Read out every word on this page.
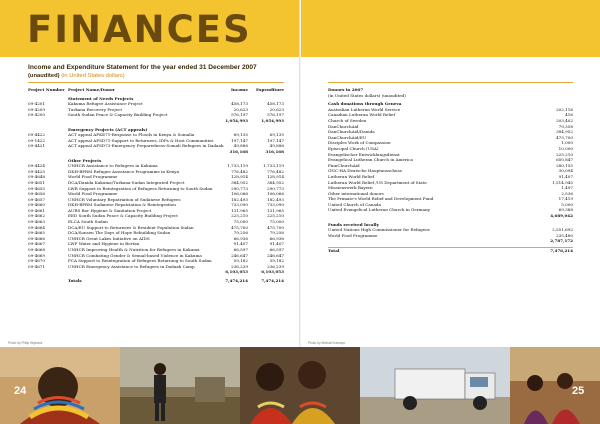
FINANCES
Income and Expenditure Statement for the year ended 31 December 2007
(unaudited) (in United States dollars)
Project Number Project Name/Donor	Income Expenditure
Statement of Needs Projects
09-4201	Kakuma Refugee Assistance Project	458,173	458,173
09-4209	Turkana Recovery Project	20,623	20,623
09-4200	South Sudan Peace & Capacity Building Project	576,197	576,197
1,054,993	1,054,993
Emergency Projects (ACT appeals)
09-4422	ACT appeal AFKE71-Response to Floods in Kenya & Somalia	69,135	69,135
09-1422	ACT appeal AFSD71-Support to Returnees, IDPs & Host Communities	197,147	197,147
09-4421	ACT appeal AFSD73-Emergency Preparedness-Somali Refugees in Dadaab 49,886	49,886
316,168	316,168
Other Projects
09-4424	UNHCR Assistance to Refugees in Kakuma	1,733,119	1,733,119
09-4425	DKH-BPRM Refugee Assistance Programme in Kenya	776,482	776,482
09-4648	World Food Programme	128,914	128,914
09-4651	DCA/Danida Kakuma/Turkana-Sudan Integrated Project	384,952	384,952
09-4655	LWR Support to Reintegration of Refugees Returning to South Sudan	290,773	290,773
09-4656	World Food Programme	106,066	106,066
09-4657	UNHCR Voluntary Repatriation of Sudanese Refugees	182,493	182,493
09-4660	DKH-BPRM Sudanese Repatriation & Reintegration	733,090	733,090
09-4661	AURS Bor Hygiene & Sanitation Project	131,965	131,965
09-4662	EED South Sudan Peace & Capacity Building Project	225,210	225,210
09-4663	ELCA South Sudan	75,000	75,000
09-4664	DCA/EU Support to Returnees & Resident Population Sudan	475,700	475,700
09-4665	DCA/Sonsen The Days of Hope Rebuilding Sudan	79,256	79,256
09-4666	UNHCR Great Lakes Initiative on AIDS	66,936	66,936
09-4667	LWF Water and Hygiene in Bortan	91,407	91,407
09-4668	UNHCR Improving Health & Nutrition for Refugees in Kakuma	66,597	66,597
09-4669	UNHCR Combating Gender & Sexual-based Violence in Kakuma	246,647	246,647
09-4670	FCA Support to Reintegration of Refugees Returning to South Sudan	59,182	59,182
09-4671	UNHCR Emergency Assistance to Refugees in Dadaab Camp	236,239	236,239
6,103,053	6,103,053
Totals	7,474,214	7,474,214
Donors in 2007
(in United States dollars) (unaudited)
Cash donations through Geneva
Australian Lutheran World Service	202,116
Canadian Lutheran World Relief	416
Church of Sweden	203,402
DanChurchAid	79,358
DanChurchAid/Danida	384,952
DanChurchAid/EU	475,700
Disciples Work of Compassion	1,000
Episcopal Church (USA)	10,000
Evangelischer Entwicklungsdienst	225,210
Evangelical Lutheran Church in America	650,847
FinnChurchAid	280,155
GNC-HA Deutsche Hauptausschuss	30,094
Lutheran World Relief	91,407
Lutheran World Relief /US Department of State	1,514,945
Missionswerk Bayern	1,497
Other international donors	2,536
The Primate's World Relief and Development Fund	17,419
United Church of Canada	5,000
United Evangelical Lutheran Church in Germany	69,388
4,689,042
Funds received locally
United Nations High Commissioner for Refugees	2,551,692
World Food Programme	235,480
2,787,172
Total	7,476,214
Photo by Philip Wijmans	Photo by Michael Kamoyo
24	25
